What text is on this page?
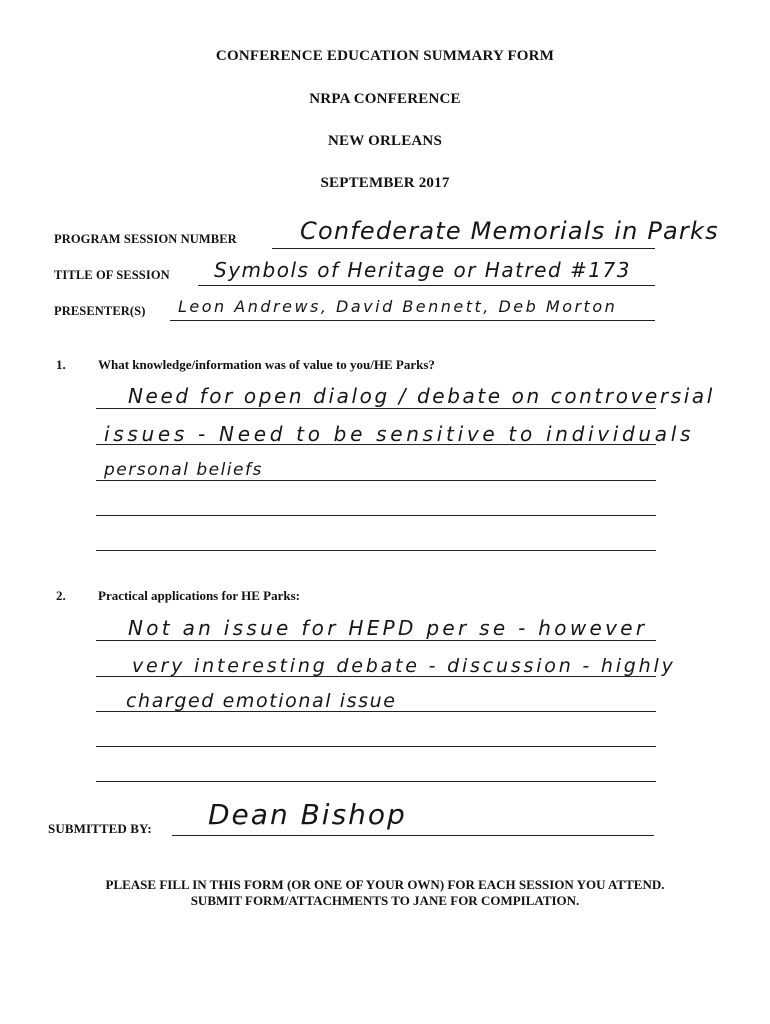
CONFERENCE EDUCATION SUMMARY FORM
NRPA CONFERENCE
NEW ORLEANS
SEPTEMBER 2017
PROGRAM SESSION NUMBER	Confederate Memorials in Parks
TITLE OF SESSION Symbols of Heritage or Hatred #173
PRESENTER(S) Leon Andrews, David Bennett, Deb Morton
1. What knowledge/information was of value to you/HE Parks?
Need for open dialog / debate on controversial
issues - Need to be sensitive to individuals
personal beliefs
2. Practical applications for HE Parks:
Not an issue for HEPD per se - however
very interesting debate - discussion - highly
charged emotional issue
SUBMITTED BY: Dean Bishop
PLEASE FILL IN THIS FORM (OR ONE OF YOUR OWN) FOR EACH SESSION YOU ATTEND.
SUBMIT FORM/ATTACHMENTS TO JANE FOR COMPILATION.
